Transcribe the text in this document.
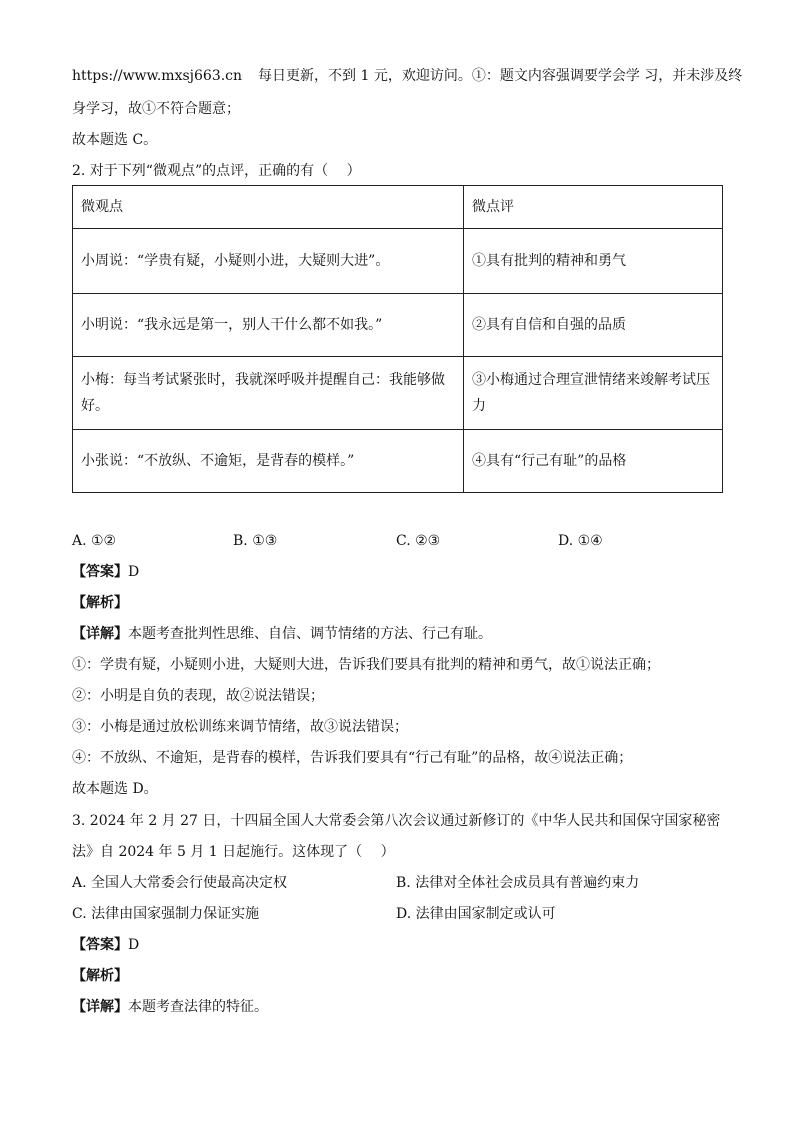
https://www.mxsj663.cn 每日更新，不到 1 元，欢迎访问。①：题文内容强调要学会学 习，并未涉及终
身学习，故①不符合题意；
故本题选 C。
2. 对于下列“微观点”的点评，正确的有（　 ）
微观点	微点评
小周说：“学贵有疑，小疑则小进，大疑则大进”。	①具有批判的精神和勇气
小明说：“我永远是第一，别人干什么都不如我。”	②具有自信和自强的品质
小梅：每当考试紧张时，我就深呼吸并提醒自己：我能够做好。	③小梅通过合理宣泄情绪来竣解考试压力
小张说：“不放纵、不逾矩，是背春的模样。”	④具有“行己有耻”的品格
A. ①②	B. ①③	C. ②③	D. ①④
【答案】D
【解析】
【详解】本题考查批判性思维、自信、调节情绪的方法、行己有耻。
①：学贵有疑，小疑则小进，大疑则大进，告诉我们要具有批判的精神和勇气，故①说法正确；
②：小明是自负的表现，故②说法错误；
③：小梅是通过放松训练来调节情绪，故③说法错误；
④：不放纵、不逾矩，是背春的模样，告诉我们要具有“行己有耻”的品格，故④说法正确；
故本题选 D。
3. 2024 年 2 月 27 日，十四届全国人大常委会第八次会议通过新修订的《中华人民共和国保守国家秘密
法》自 2024 年 5 月 1 日起施行。这体现了（　 ）
A. 全国人大常委会行使最高决定权	B. 法律对全体社会成员具有普遍约束力
C. 法律由国家强制力保证实施	D. 法律由国家制定或认可
【答案】D
【解析】
【详解】本题考查法律的特征。
